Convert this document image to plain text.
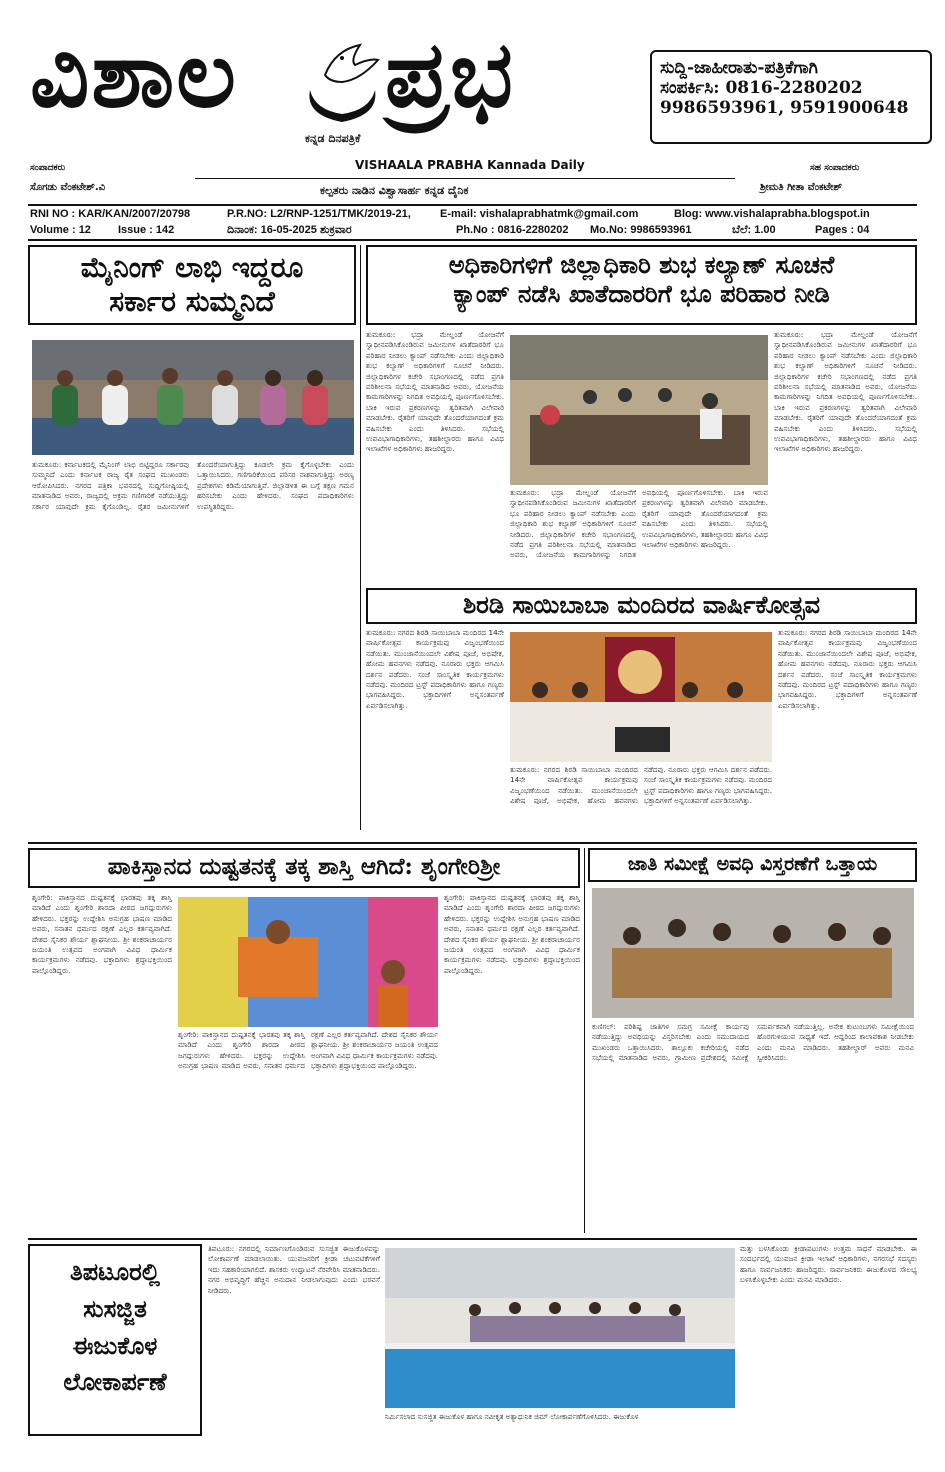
ವಿಶಾಲ ಪ್ರಭ
ಕನ್ನಡ ದಿನಪತ್ರಿಕೆ
VISHAALA PRABHA Kannada Daily
ಸುದ್ದಿ-ಜಾಹೀರಾತು-ಪತ್ರಿಕೆಗಾಗಿ
ಸಂಪರ್ಕಿಸಿ: 0816-2280202
9986593961, 9591900648
ಸಂಪಾದಕರು
ಸೊಗಡು ವೆಂಕಟೇಶ್.ವಿ
ಸಹ ಸಂಪಾದಕರು
ಶ್ರೀಮತಿ ಗೀತಾ ವೆಂಕಟೇಶ್
ಕಲ್ಪತರು ನಾಡಿನ ವಿಶ್ವಾಸಾರ್ಹ ಕನ್ನಡ ದೈನಿಕ
RNI NO : KAR/KAN/2007/20798	P.R.NO: L2/RNP-1251/TMK/2019-21,	E-mail: vishalaprabhatmk@gmail.com	Blog: www.vishalaprabha.blogspot.in
Volume : 12 Issue : 142	ದಿನಾಂಕ: 16-05-2025 ಶುಕ್ರವಾರ	Ph.No : 0816-2280202 Mo.No: 9986593961	ಬೆಲೆ: 1.00	Pages : 04
ಮೈನಿಂಗ್ ಲಾಭಿ ಇದ್ದರೂ
ಸರ್ಕಾರ ಸುಮ್ಮನಿದೆ
ತುಮಕೂರು: ಕರ್ನಾಟಕದಲ್ಲಿ ಮೈನಿಂಗ್ ಲಾಭಿ ಬಿಟ್ಟಿದ್ದರೂ ಸರ್ಕಾರವು ಸುಮ್ಮನಿದೆ ಎಂದು ಕರ್ನಾಟಕ ರಾಜ್ಯ ರೈತ ಸಂಘದ ಮುಖಂಡರು ಆರೋಪಿಸಿದರು. ನಗರದ ಪತ್ರಿಕಾ ಭವನದಲ್ಲಿ ಸುದ್ದಿಗೋಷ್ಠಿಯಲ್ಲಿ ಮಾತನಾಡಿದ ಅವರು, ರಾಜ್ಯದಲ್ಲಿ ಅಕ್ರಮ ಗಣಿಗಾರಿಕೆ ನಡೆಯುತ್ತಿದ್ದು ಸರ್ಕಾರ ಯಾವುದೇ ಕ್ರಮ ಕೈಗೊಂಡಿಲ್ಲ. ರೈತರ ಜಮೀನುಗಳಿಗೆ ತೊಂದರೆಯಾಗುತ್ತಿದ್ದು ಕೂಡಲೇ ಕ್ರಮ ಕೈಗೊಳ್ಳಬೇಕು ಎಂದು ಒತ್ತಾಯಿಸಿದರು. ಗಣಿಗಾರಿಕೆಯಿಂದ ಪರಿಸರ ನಾಶವಾಗುತ್ತಿದ್ದು ಅರಣ್ಯ ಪ್ರದೇಶಗಳು ಕಡಿಮೆಯಾಗುತ್ತಿವೆ. ಜಿಲ್ಲಾಡಳಿತ ಈ ಬಗ್ಗೆ ತಕ್ಷಣ ಗಮನ ಹರಿಸಬೇಕು ಎಂದು ಹೇಳಿದರು. ಸಂಘದ ಪದಾಧಿಕಾರಿಗಳು ಉಪಸ್ಥಿತರಿದ್ದರು.
ಅಧಿಕಾರಿಗಳಿಗೆ ಜಿಲ್ಲಾಧಿಕಾರಿ ಶುಭ ಕಲ್ಯಾಣ್ ಸೂಚನೆ
ಕ್ಯಾಂಪ್ ನಡೆಸಿ ಖಾತೆದಾರರಿಗೆ ಭೂ ಪರಿಹಾರ ನೀಡಿ
ತುಮಕೂರು: ಭದ್ರಾ ಮೇಲ್ದಂಡೆ ಯೋಜನೆಗೆ ಸ್ವಾಧೀನಪಡಿಸಿಕೊಂಡಿರುವ ಜಮೀನುಗಳ ಖಾತೆದಾರರಿಗೆ ಭೂ ಪರಿಹಾರ ನೀಡಲು ಕ್ಯಾಂಪ್ ನಡೆಸಬೇಕು ಎಂದು ಜಿಲ್ಲಾಧಿಕಾರಿ ಶುಭ ಕಲ್ಯಾಣ್ ಅಧಿಕಾರಿಗಳಿಗೆ ಸೂಚನೆ ನೀಡಿದರು. ಜಿಲ್ಲಾಧಿಕಾರಿಗಳ ಕಚೇರಿ ಸಭಾಂಗಣದಲ್ಲಿ ನಡೆದ ಪ್ರಗತಿ ಪರಿಶೀಲನಾ ಸಭೆಯಲ್ಲಿ ಮಾತನಾಡಿದ ಅವರು, ಯೋಜನೆಯ ಕಾಮಗಾರಿಗಳನ್ನು ನಿಗದಿತ ಅವಧಿಯಲ್ಲಿ ಪೂರ್ಣಗೊಳಿಸಬೇಕು. ಬಾಕಿ ಇರುವ ಪ್ರಕರಣಗಳನ್ನು ತ್ವರಿತವಾಗಿ ವಿಲೇವಾರಿ ಮಾಡಬೇಕು. ರೈತರಿಗೆ ಯಾವುದೇ ತೊಂದರೆಯಾಗದಂತೆ ಕ್ರಮ ವಹಿಸಬೇಕು ಎಂದು ತಿಳಿಸಿದರು. ಸಭೆಯಲ್ಲಿ ಉಪವಿಭಾಗಾಧಿಕಾರಿಗಳು, ತಹಶೀಲ್ದಾರರು ಹಾಗೂ ವಿವಿಧ ಇಲಾಖೆಗಳ ಅಧಿಕಾರಿಗಳು ಹಾಜರಿದ್ದರು.
ತುಮಕೂರು: ಭದ್ರಾ ಮೇಲ್ದಂಡೆ ಯೋಜನೆಗೆ ಸ್ವಾಧೀನಪಡಿಸಿಕೊಂಡಿರುವ ಜಮೀನುಗಳ ಖಾತೆದಾರರಿಗೆ ಭೂ ಪರಿಹಾರ ನೀಡಲು ಕ್ಯಾಂಪ್ ನಡೆಸಬೇಕು ಎಂದು ಜಿಲ್ಲಾಧಿಕಾರಿ ಶುಭ ಕಲ್ಯಾಣ್ ಅಧಿಕಾರಿಗಳಿಗೆ ಸೂಚನೆ ನೀಡಿದರು. ಜಿಲ್ಲಾಧಿಕಾರಿಗಳ ಕಚೇರಿ ಸಭಾಂಗಣದಲ್ಲಿ ನಡೆದ ಪ್ರಗತಿ ಪರಿಶೀಲನಾ ಸಭೆಯಲ್ಲಿ ಮಾತನಾಡಿದ ಅವರು, ಯೋಜನೆಯ ಕಾಮಗಾರಿಗಳನ್ನು ನಿಗದಿತ ಅವಧಿಯಲ್ಲಿ ಪೂರ್ಣಗೊಳಿಸಬೇಕು. ಬಾಕಿ ಇರುವ ಪ್ರಕರಣಗಳನ್ನು ತ್ವರಿತವಾಗಿ ವಿಲೇವಾರಿ ಮಾಡಬೇಕು. ರೈತರಿಗೆ ಯಾವುದೇ ತೊಂದರೆಯಾಗದಂತೆ ಕ್ರಮ ವಹಿಸಬೇಕು ಎಂದು ತಿಳಿಸಿದರು. ಸಭೆಯಲ್ಲಿ ಉಪವಿಭಾಗಾಧಿಕಾರಿಗಳು, ತಹಶೀಲ್ದಾರರು ಹಾಗೂ ವಿವಿಧ ಇಲಾಖೆಗಳ ಅಧಿಕಾರಿಗಳು ಹಾಜರಿದ್ದರು.
ತುಮಕೂರು: ಭದ್ರಾ ಮೇಲ್ದಂಡೆ ಯೋಜನೆಗೆ ಸ್ವಾಧೀನಪಡಿಸಿಕೊಂಡಿರುವ ಜಮೀನುಗಳ ಖಾತೆದಾರರಿಗೆ ಭೂ ಪರಿಹಾರ ನೀಡಲು ಕ್ಯಾಂಪ್ ನಡೆಸಬೇಕು ಎಂದು ಜಿಲ್ಲಾಧಿಕಾರಿ ಶುಭ ಕಲ್ಯಾಣ್ ಅಧಿಕಾರಿಗಳಿಗೆ ಸೂಚನೆ ನೀಡಿದರು. ಜಿಲ್ಲಾಧಿಕಾರಿಗಳ ಕಚೇರಿ ಸಭಾಂಗಣದಲ್ಲಿ ನಡೆದ ಪ್ರಗತಿ ಪರಿಶೀಲನಾ ಸಭೆಯಲ್ಲಿ ಮಾತನಾಡಿದ ಅವರು, ಯೋಜನೆಯ ಕಾಮಗಾರಿಗಳನ್ನು ನಿಗದಿತ ಅವಧಿಯಲ್ಲಿ ಪೂರ್ಣಗೊಳಿಸಬೇಕು. ಬಾಕಿ ಇರುವ ಪ್ರಕರಣಗಳನ್ನು ತ್ವರಿತವಾಗಿ ವಿಲೇವಾರಿ ಮಾಡಬೇಕು. ರೈತರಿಗೆ ಯಾವುದೇ ತೊಂದರೆಯಾಗದಂತೆ ಕ್ರಮ ವಹಿಸಬೇಕು ಎಂದು ತಿಳಿಸಿದರು. ಸಭೆಯಲ್ಲಿ ಉಪವಿಭಾಗಾಧಿಕಾರಿಗಳು, ತಹಶೀಲ್ದಾರರು ಹಾಗೂ ವಿವಿಧ ಇಲಾಖೆಗಳ ಅಧಿಕಾರಿಗಳು ಹಾಜರಿದ್ದರು.
ಶಿರಡಿ ಸಾಯಿಬಾಬಾ ಮಂದಿರದ ವಾರ್ಷಿಕೋತ್ಸವ
ತುಮಕೂರು: ನಗರದ ಶಿರಡಿ ಸಾಯಿಬಾಬಾ ಮಂದಿರದ 14ನೇ ವಾರ್ಷಿಕೋತ್ಸವ ಕಾರ್ಯಕ್ರಮವು ವಿಜೃಂಭಣೆಯಿಂದ ನಡೆಯಿತು. ಮುಂಜಾನೆಯಿಂದಲೇ ವಿಶೇಷ ಪೂಜೆ, ಅಭಿಷೇಕ, ಹೋಮ ಹವನಗಳು ನಡೆದವು. ನೂರಾರು ಭಕ್ತರು ಆಗಮಿಸಿ ದರ್ಶನ ಪಡೆದರು. ಸಂಜೆ ಸಾಂಸ್ಕೃತಿಕ ಕಾರ್ಯಕ್ರಮಗಳು ನಡೆದವು. ಮಂದಿರದ ಟ್ರಸ್ಟ್ ಪದಾಧಿಕಾರಿಗಳು ಹಾಗೂ ಗಣ್ಯರು ಭಾಗವಹಿಸಿದ್ದರು. ಭಕ್ತಾದಿಗಳಿಗೆ ಅನ್ನಸಂತರ್ಪಣೆ ಏರ್ಪಡಿಸಲಾಗಿತ್ತು.
ತುಮಕೂರು: ನಗರದ ಶಿರಡಿ ಸಾಯಿಬಾಬಾ ಮಂದಿರದ 14ನೇ ವಾರ್ಷಿಕೋತ್ಸವ ಕಾರ್ಯಕ್ರಮವು ವಿಜೃಂಭಣೆಯಿಂದ ನಡೆಯಿತು. ಮುಂಜಾನೆಯಿಂದಲೇ ವಿಶೇಷ ಪೂಜೆ, ಅಭಿಷೇಕ, ಹೋಮ ಹವನಗಳು ನಡೆದವು. ನೂರಾರು ಭಕ್ತರು ಆಗಮಿಸಿ ದರ್ಶನ ಪಡೆದರು. ಸಂಜೆ ಸಾಂಸ್ಕೃತಿಕ ಕಾರ್ಯಕ್ರಮಗಳು ನಡೆದವು. ಮಂದಿರದ ಟ್ರಸ್ಟ್ ಪದಾಧಿಕಾರಿಗಳು ಹಾಗೂ ಗಣ್ಯರು ಭಾಗವಹಿಸಿದ್ದರು. ಭಕ್ತಾದಿಗಳಿಗೆ ಅನ್ನಸಂತರ್ಪಣೆ ಏರ್ಪಡಿಸಲಾಗಿತ್ತು.
ತುಮಕೂರು: ನಗರದ ಶಿರಡಿ ಸಾಯಿಬಾಬಾ ಮಂದಿರದ 14ನೇ ವಾರ್ಷಿಕೋತ್ಸವ ಕಾರ್ಯಕ್ರಮವು ವಿಜೃಂಭಣೆಯಿಂದ ನಡೆಯಿತು. ಮುಂಜಾನೆಯಿಂದಲೇ ವಿಶೇಷ ಪೂಜೆ, ಅಭಿಷೇಕ, ಹೋಮ ಹವನಗಳು ನಡೆದವು. ನೂರಾರು ಭಕ್ತರು ಆಗಮಿಸಿ ದರ್ಶನ ಪಡೆದರು. ಸಂಜೆ ಸಾಂಸ್ಕೃತಿಕ ಕಾರ್ಯಕ್ರಮಗಳು ನಡೆದವು. ಮಂದಿರದ ಟ್ರಸ್ಟ್ ಪದಾಧಿಕಾರಿಗಳು ಹಾಗೂ ಗಣ್ಯರು ಭಾಗವಹಿಸಿದ್ದರು. ಭಕ್ತಾದಿಗಳಿಗೆ ಅನ್ನಸಂತರ್ಪಣೆ ಏರ್ಪಡಿಸಲಾಗಿತ್ತು.
ಪಾಕಿಸ್ತಾನದ ದುಷ್ಟತನಕ್ಕೆ ತಕ್ಕ ಶಾಸ್ತಿ ಆಗಿದೆ: ಶೃಂಗೇರಿಶ್ರೀ
ಶೃಂಗೇರಿ: ಪಾಕಿಸ್ತಾನದ ದುಷ್ಟತನಕ್ಕೆ ಭಾರತವು ತಕ್ಕ ಶಾಸ್ತಿ ಮಾಡಿದೆ ಎಂದು ಶೃಂಗೇರಿ ಶಾರದಾ ಪೀಠದ ಜಗದ್ಗುರುಗಳು ಹೇಳಿದರು. ಭಕ್ತರನ್ನು ಉದ್ದೇಶಿಸಿ ಅನುಗ್ರಹ ಭಾಷಣ ಮಾಡಿದ ಅವರು, ಸನಾತನ ಧರ್ಮದ ರಕ್ಷಣೆ ಎಲ್ಲರ ಕರ್ತವ್ಯವಾಗಿದೆ. ದೇಶದ ಸೈನಿಕರ ಶೌರ್ಯ ಶ್ಲಾಘನೀಯ. ಶ್ರೀ ಶಂಕರಾಚಾರ್ಯರ ಜಯಂತಿ ಉತ್ಸವದ ಅಂಗವಾಗಿ ವಿವಿಧ ಧಾರ್ಮಿಕ ಕಾರ್ಯಕ್ರಮಗಳು ನಡೆದವು. ಭಕ್ತಾದಿಗಳು ಶ್ರದ್ಧಾಭಕ್ತಿಯಿಂದ ಪಾಲ್ಗೊಂಡಿದ್ದರು.
ಶೃಂಗೇರಿ: ಪಾಕಿಸ್ತಾನದ ದುಷ್ಟತನಕ್ಕೆ ಭಾರತವು ತಕ್ಕ ಶಾಸ್ತಿ ಮಾಡಿದೆ ಎಂದು ಶೃಂಗೇರಿ ಶಾರದಾ ಪೀಠದ ಜಗದ್ಗುರುಗಳು ಹೇಳಿದರು. ಭಕ್ತರನ್ನು ಉದ್ದೇಶಿಸಿ ಅನುಗ್ರಹ ಭಾಷಣ ಮಾಡಿದ ಅವರು, ಸನಾತನ ಧರ್ಮದ ರಕ್ಷಣೆ ಎಲ್ಲರ ಕರ್ತವ್ಯವಾಗಿದೆ. ದೇಶದ ಸೈನಿಕರ ಶೌರ್ಯ ಶ್ಲಾಘನೀಯ. ಶ್ರೀ ಶಂಕರಾಚಾರ್ಯರ ಜಯಂತಿ ಉತ್ಸವದ ಅಂಗವಾಗಿ ವಿವಿಧ ಧಾರ್ಮಿಕ ಕಾರ್ಯಕ್ರಮಗಳು ನಡೆದವು. ಭಕ್ತಾದಿಗಳು ಶ್ರದ್ಧಾಭಕ್ತಿಯಿಂದ ಪಾಲ್ಗೊಂಡಿದ್ದರು.
ಶೃಂಗೇರಿ: ಪಾಕಿಸ್ತಾನದ ದುಷ್ಟತನಕ್ಕೆ ಭಾರತವು ತಕ್ಕ ಶಾಸ್ತಿ ಮಾಡಿದೆ ಎಂದು ಶೃಂಗೇರಿ ಶಾರದಾ ಪೀಠದ ಜಗದ್ಗುರುಗಳು ಹೇಳಿದರು. ಭಕ್ತರನ್ನು ಉದ್ದೇಶಿಸಿ ಅನುಗ್ರಹ ಭಾಷಣ ಮಾಡಿದ ಅವರು, ಸನಾತನ ಧರ್ಮದ ರಕ್ಷಣೆ ಎಲ್ಲರ ಕರ್ತವ್ಯವಾಗಿದೆ. ದೇಶದ ಸೈನಿಕರ ಶೌರ್ಯ ಶ್ಲಾಘನೀಯ. ಶ್ರೀ ಶಂಕರಾಚಾರ್ಯರ ಜಯಂತಿ ಉತ್ಸವದ ಅಂಗವಾಗಿ ವಿವಿಧ ಧಾರ್ಮಿಕ ಕಾರ್ಯಕ್ರಮಗಳು ನಡೆದವು. ಭಕ್ತಾದಿಗಳು ಶ್ರದ್ಧಾಭಕ್ತಿಯಿಂದ ಪಾಲ್ಗೊಂಡಿದ್ದರು.
ಜಾತಿ ಸಮೀಕ್ಷೆ ಅವಧಿ ವಿಸ್ತರಣೆಗೆ ಒತ್ತಾಯ
ಕುಣಿಗಲ್: ಪರಿಶಿಷ್ಟ ಜಾತಿಗಳ ಸಮಗ್ರ ಸಮೀಕ್ಷೆ ಕಾರ್ಯವು ನಡೆಯುತ್ತಿದ್ದು ಅವಧಿಯನ್ನು ವಿಸ್ತರಿಸಬೇಕು ಎಂದು ಸಮುದಾಯದ ಮುಖಂಡರು ಒತ್ತಾಯಿಸಿದರು. ತಾಲ್ಲೂಕು ಕಚೇರಿಯಲ್ಲಿ ನಡೆದ ಸಭೆಯಲ್ಲಿ ಮಾತನಾಡಿದ ಅವರು, ಗ್ರಾಮೀಣ ಪ್ರದೇಶದಲ್ಲಿ ಸಮೀಕ್ಷೆ ಸಮರ್ಪಕವಾಗಿ ನಡೆಯುತ್ತಿಲ್ಲ. ಅನೇಕ ಕುಟುಂಬಗಳು ಸಮೀಕ್ಷೆಯಿಂದ ಹೊರಗುಳಿಯುವ ಸಾಧ್ಯತೆ ಇದೆ. ಆದ್ದರಿಂದ ಕಾಲಾವಕಾಶ ನೀಡಬೇಕು ಎಂದು ಮನವಿ ಮಾಡಿದರು. ತಹಶೀಲ್ದಾರ್ ಅವರು ಮನವಿ ಸ್ವೀಕರಿಸಿದರು.
ತಿಪಟೂರಲ್ಲಿ
ಸುಸಜ್ಜಿತ
ಈಜುಕೊಳ
ಲೋಕಾರ್ಪಣೆ
ತಿಪಟೂರು: ನಗರದಲ್ಲಿ ನಿರ್ಮಾಣಗೊಂಡಿರುವ ಸುಸಜ್ಜಿತ ಈಜುಕೊಳವನ್ನು ಲೋಕಾರ್ಪಣೆ ಮಾಡಲಾಯಿತು. ಯುವಜನರಿಗೆ ಕ್ರೀಡಾ ಚಟುವಟಿಕೆಗಳಿಗೆ ಇದು ಸಹಕಾರಿಯಾಗಲಿದೆ. ಶಾಸಕರು ಉದ್ಘಾಟನೆ ನೆರವೇರಿಸಿ ಮಾತನಾಡಿದರು. ನಗರ ಅಭಿವೃದ್ಧಿಗೆ ಹೆಚ್ಚಿನ ಅನುದಾನ ನೀಡಲಾಗುವುದು ಎಂದು ಭರವಸೆ ನೀಡಿದರು.
ನಿರ್ಮಿಸಲಾದ ಸುಸಜ್ಜಿತ ಈಜುಕೊಳ ಹಾಗೂ ನವೀಕೃತ ಅತ್ಯಾಧುನಿಕ ಜಿಮ್ ಲೋಕಾರ್ಪಣೆಗೊಳಿಸಿದರು. ಈಜುಕೊಳ
ಮತ್ತು ಬಳಸಿಕೊಂಡು ಕ್ರೀಡಾಪಟುಗಳು ಉತ್ತಮ ಸಾಧನೆ ಮಾಡಬೇಕು. ಈ ಸಂದರ್ಭದಲ್ಲಿ ಯುವಜನ ಕ್ರೀಡಾ ಇಲಾಖೆ ಅಧಿಕಾರಿಗಳು, ನಗರಸಭೆ ಸದಸ್ಯರು ಹಾಗೂ ಸಾರ್ವಜನಿಕರು ಹಾಜರಿದ್ದರು. ಸಾರ್ವಜನಿಕರು ಈಜುಕೊಳದ ಸೌಲಭ್ಯ ಬಳಸಿಕೊಳ್ಳಬೇಕು ಎಂದು ಮನವಿ ಮಾಡಿದರು.
